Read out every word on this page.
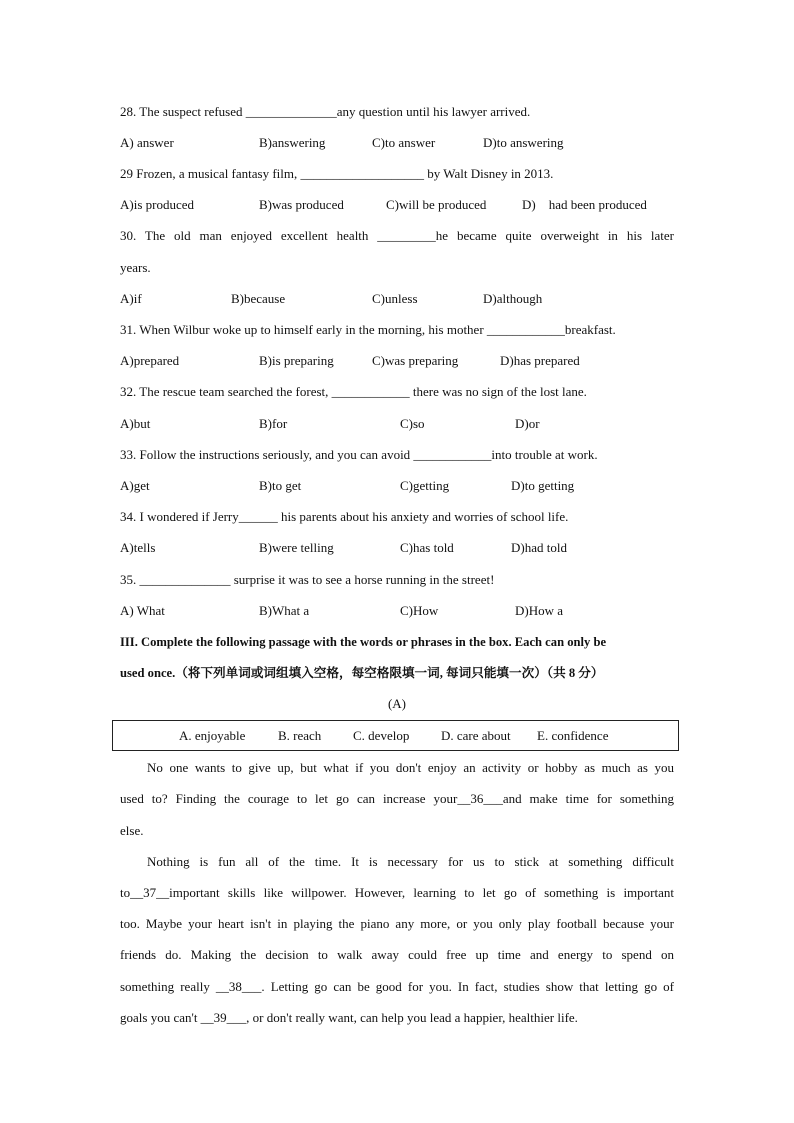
28. The suspect refused ______________any question until his lawyer arrived.
A) answer	B)answering	C)to answer	D)to answering
29 Frozen, a musical fantasy film, ___________________ by Walt Disney in 2013.
A)is produced	B)was produced	C)will be produced	D)    had been produced
30. The old man enjoyed excellent health _________he became quite overweight in his later
years.
A)if	B)because	C)unless	D)although
31. When Wilbur woke up to himself early in the morning, his mother ____________breakfast.
A)prepared	B)is preparing	C)was preparing	D)has prepared
32. The rescue team searched the forest, ____________ there was no sign of the lost lane.
A)but	B)for	C)so	D)or
33. Follow the instructions seriously, and you can avoid ____________into trouble at work.
A)get	B)to get	C)getting	D)to getting
34. I wondered if Jerry______ his parents about his anxiety and worries of school life.
A)tells	B)were telling	C)has told	D)had told
35. ______________ surprise it was to see a horse running in the street!
A) What	B)What a	C)How	D)How a
III. Complete the following passage with the words or phrases in the box. Each can only be
used once.（将下列单词或词组填入空格，每空格限填一词, 每词只能填一次）（共 8 分）
(A)
A. enjoyable	B. reach C. develop D. care about E. confidence
No one wants to give up, but what if you don't enjoy an activity or hobby as much as you
used to? Finding the courage to let go can increase your__36___and make time for something
else.
Nothing is fun all of the time. It is necessary for us to stick at something difficult
to__37__important skills like willpower. However, learning to let go of something is important
too. Maybe your heart isn't in playing the piano any more, or you only play football because your
friends do. Making the decision to walk away could free up time and energy to spend on
something really __38___. Letting go can be good for you. In fact, studies show that letting go of
goals you can't __39___, or don't really want, can help you lead a happier, healthier life.
